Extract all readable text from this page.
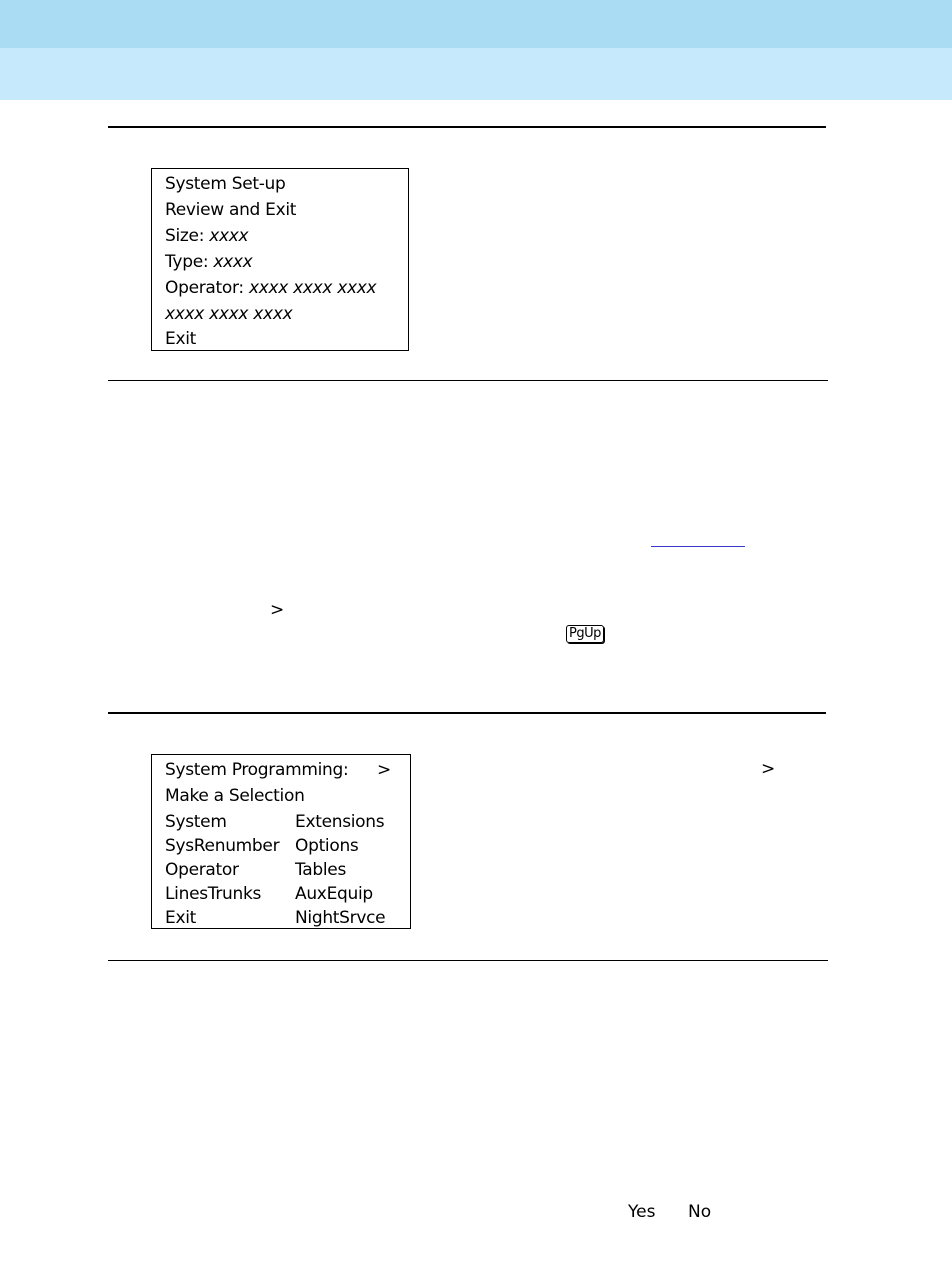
System Set-up
Review and Exit
Size: xxxx
Type: xxxx
Operator: xxxx xxxx xxxx
xxxx xxxx xxxx
Exit
>
PgUp
System Programming: >
Make a Selection
System	Extensions
SysRenumber Options
Operator	Tables
LinesTrunks AuxEquip
Exit	NightSrvce
>
Yes No
